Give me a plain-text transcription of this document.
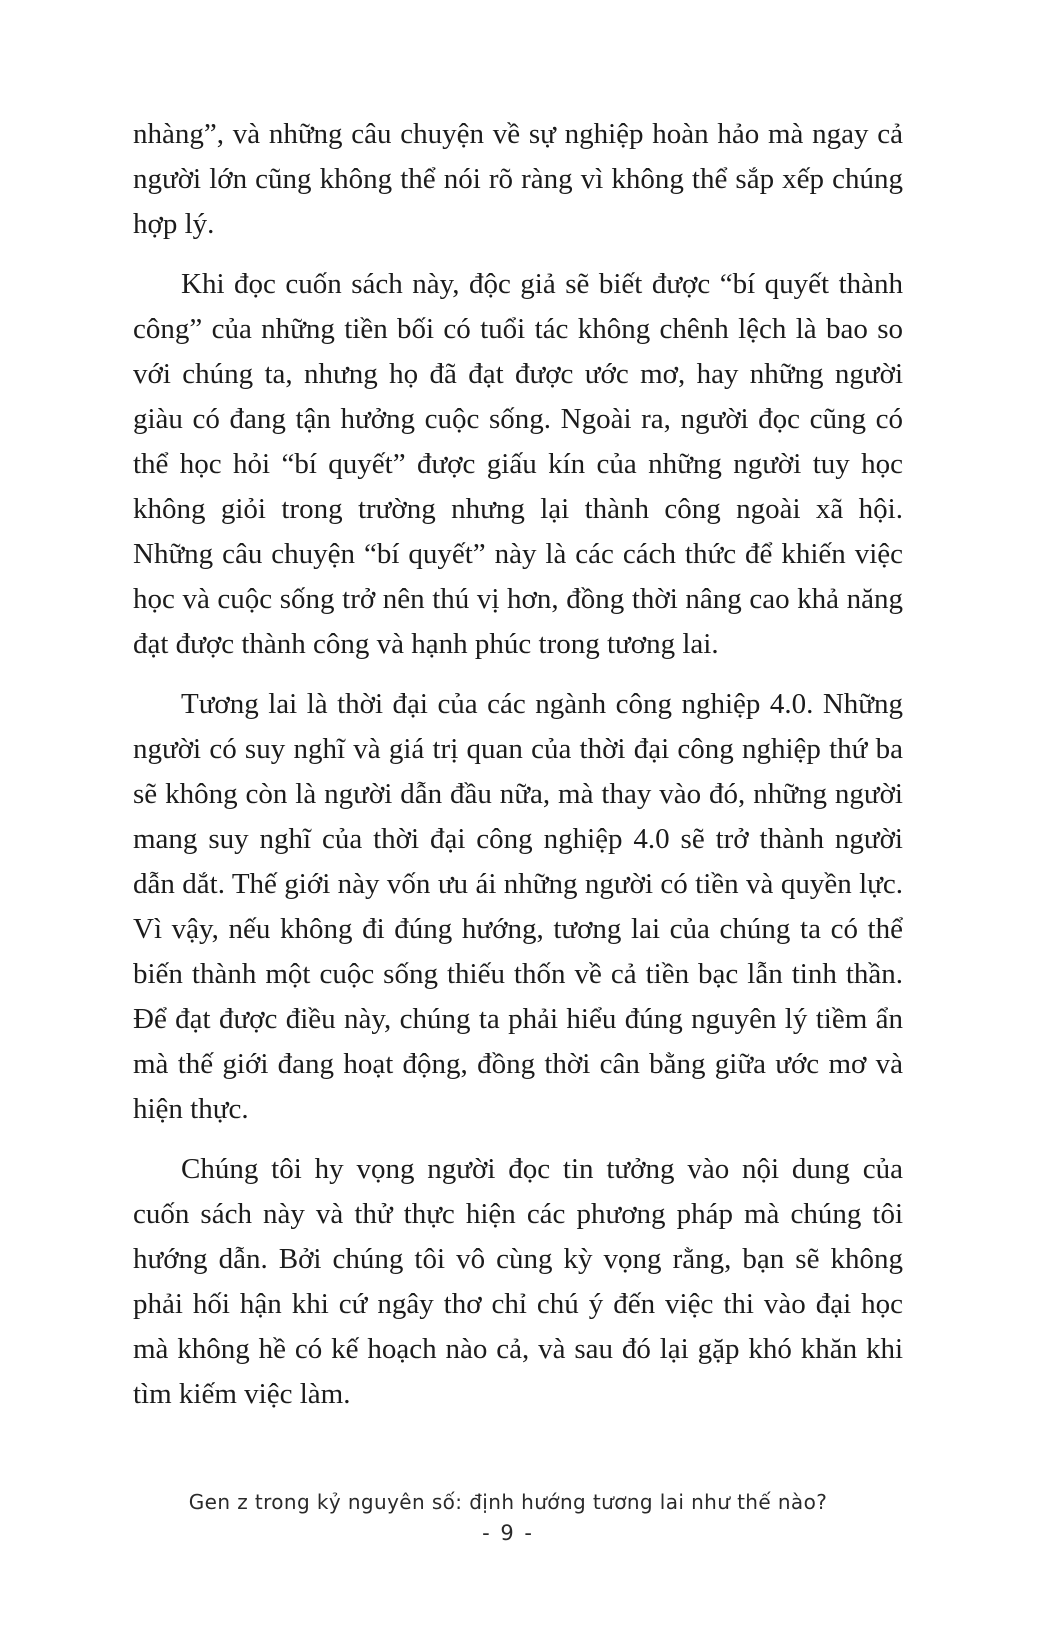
nhàng”, và những câu chuyện về sự nghiệp hoàn hảo mà ngay cả người lớn cũng không thể nói rõ ràng vì không thể sắp xếp chúng hợp lý.

Khi đọc cuốn sách này, độc giả sẽ biết được “bí quyết thành công” của những tiền bối có tuổi tác không chênh lệch là bao so với chúng ta, nhưng họ đã đạt được ước mơ, hay những người giàu có đang tận hưởng cuộc sống. Ngoài ra, người đọc cũng có thể học hỏi “bí quyết” được giấu kín của những người tuy học không giỏi trong trường nhưng lại thành công ngoài xã hội. Những câu chuyện “bí quyết” này là các cách thức để khiến việc học và cuộc sống trở nên thú vị hơn, đồng thời nâng cao khả năng đạt được thành công và hạnh phúc trong tương lai.

Tương lai là thời đại của các ngành công nghiệp 4.0. Những người có suy nghĩ và giá trị quan của thời đại công nghiệp thứ ba sẽ không còn là người dẫn đầu nữa, mà thay vào đó, những người mang suy nghĩ của thời đại công nghiệp 4.0 sẽ trở thành người dẫn dắt. Thế giới này vốn ưu ái những người có tiền và quyền lực. Vì vậy, nếu không đi đúng hướng, tương lai của chúng ta có thể biến thành một cuộc sống thiếu thốn về cả tiền bạc lẫn tinh thần. Để đạt được điều này, chúng ta phải hiểu đúng nguyên lý tiềm ẩn mà thế giới đang hoạt động, đồng thời cân bằng giữa ước mơ và hiện thực.

Chúng tôi hy vọng người đọc tin tưởng vào nội dung của cuốn sách này và thử thực hiện các phương pháp mà chúng tôi hướng dẫn. Bởi chúng tôi vô cùng kỳ vọng rằng, bạn sẽ không phải hối hận khi cứ ngây thơ chỉ chú ý đến việc thi vào đại học mà không hề có kế hoạch nào cả, và sau đó lại gặp khó khăn khi tìm kiếm việc làm.

Gen z trong kỷ nguyên số: định hướng tương lai như thế nào?
- 9 -
